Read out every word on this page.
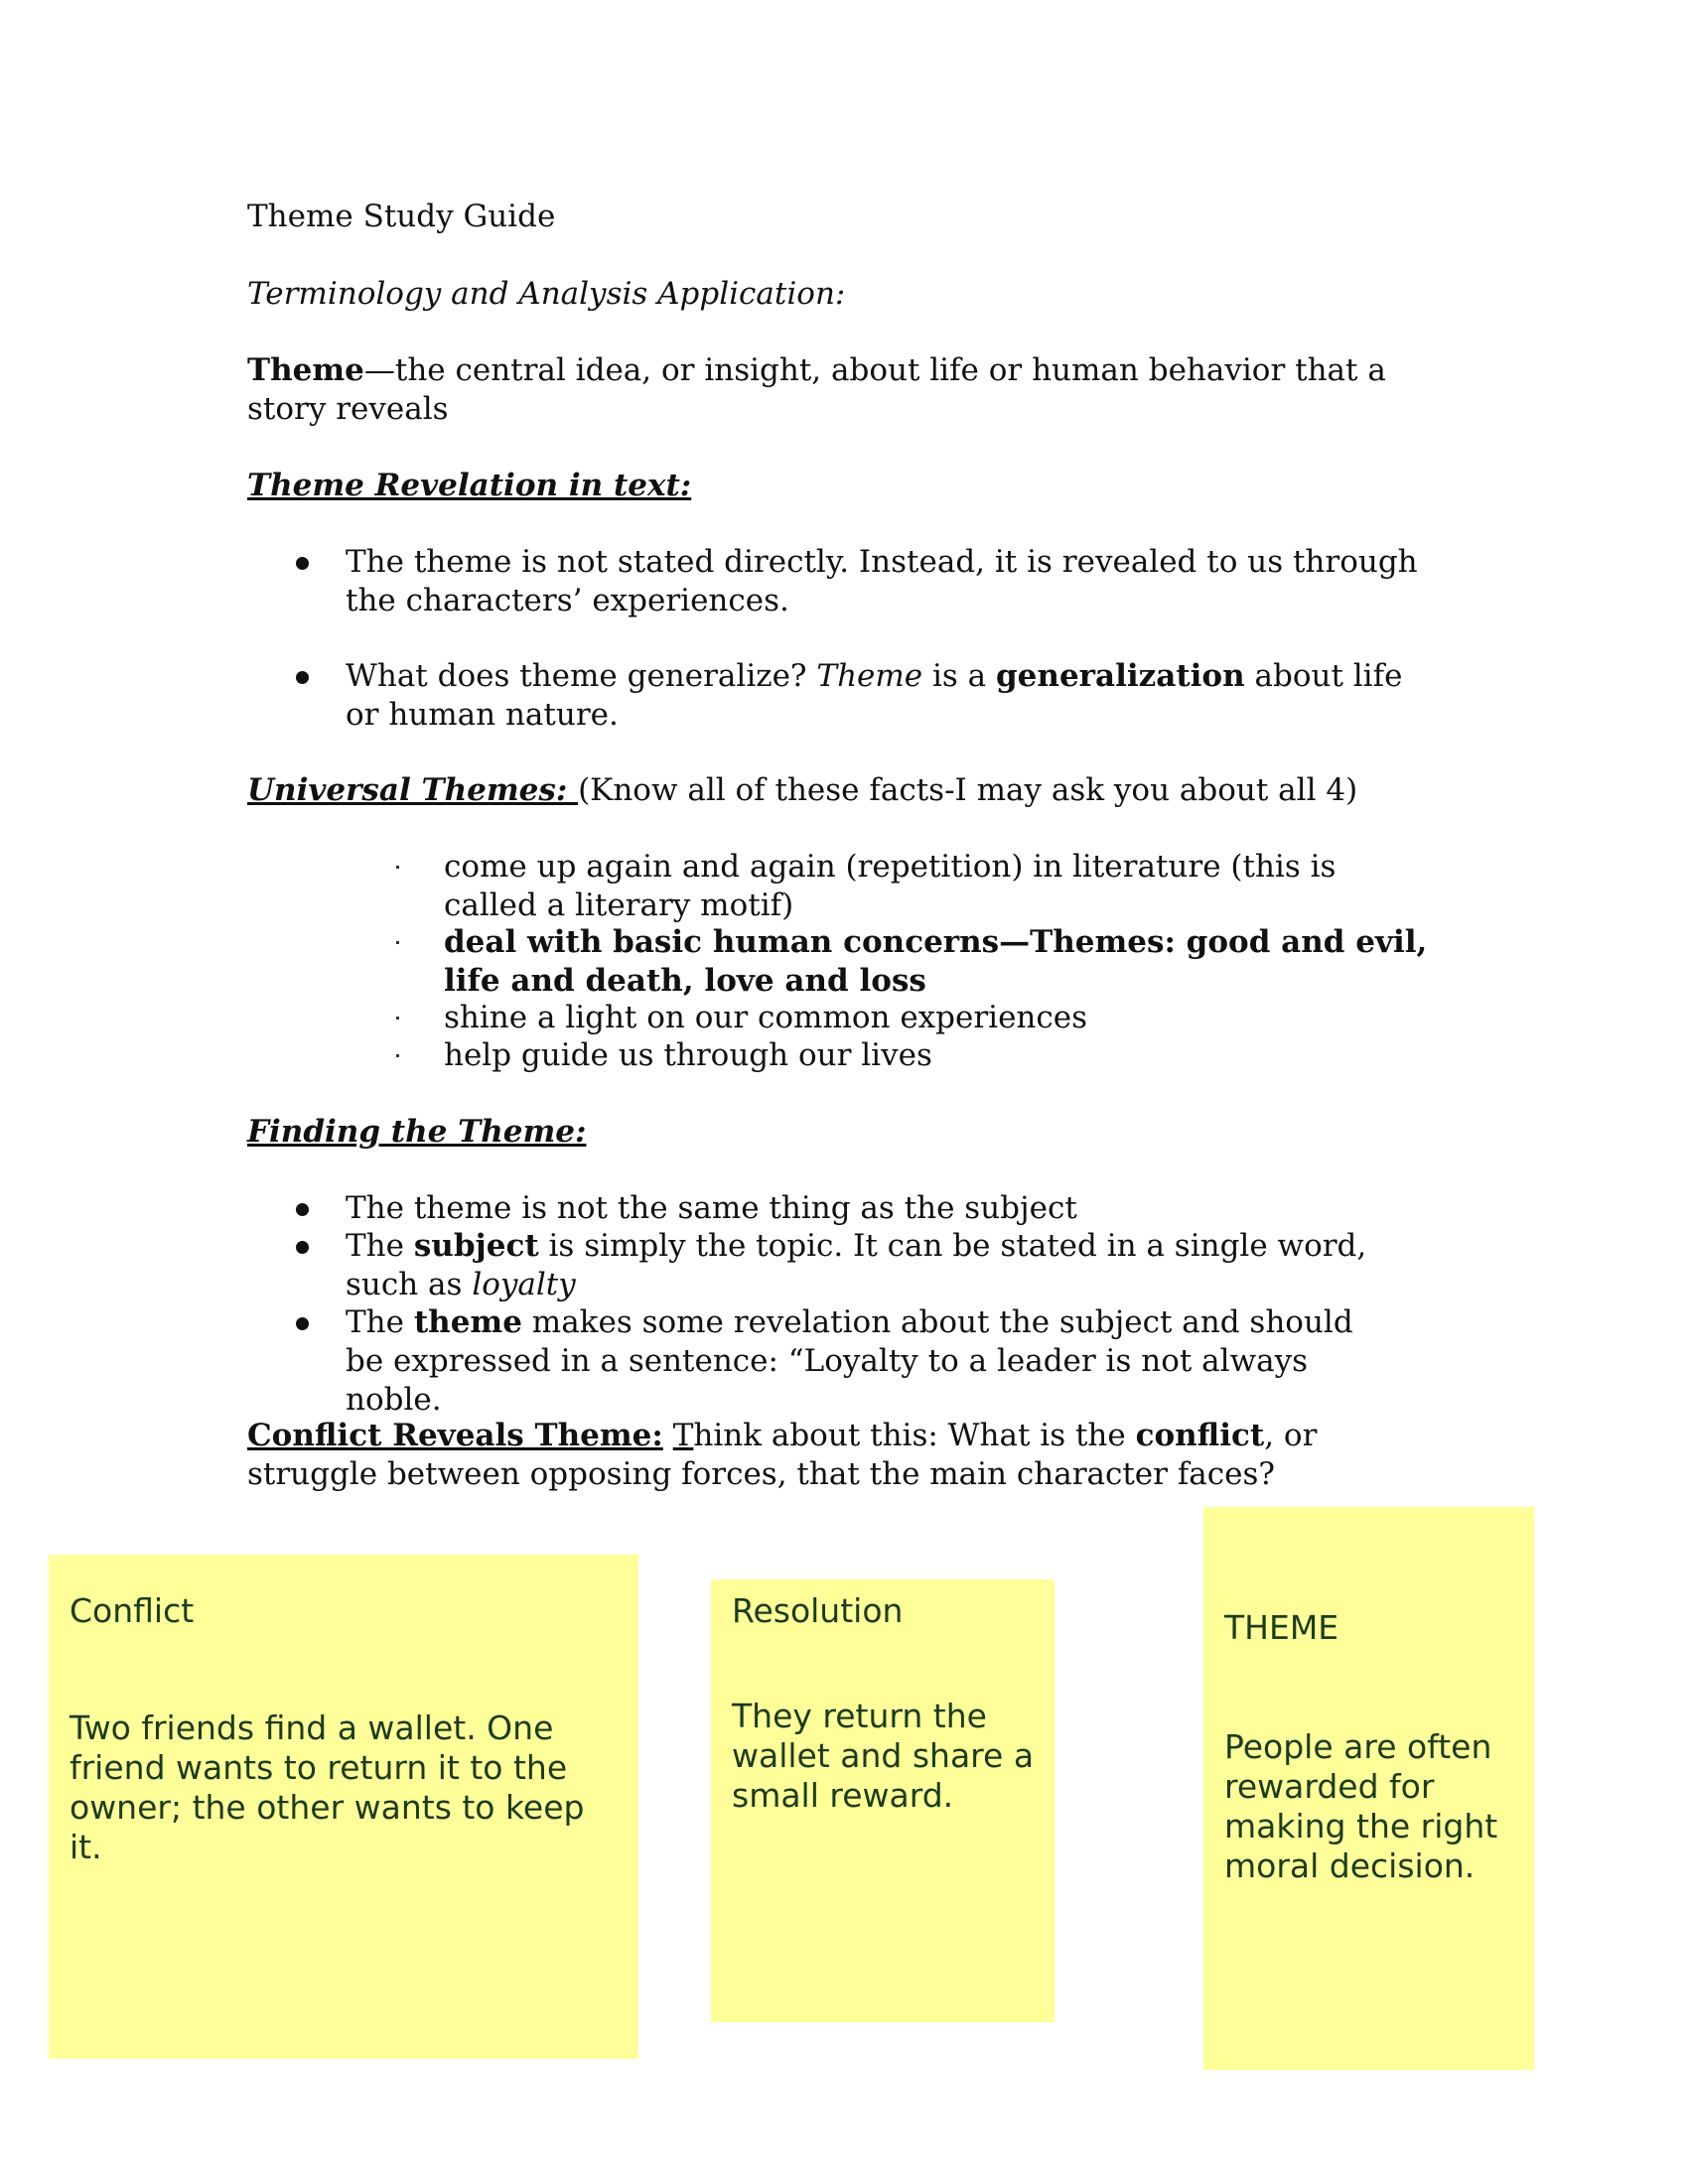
Theme Study Guide
Terminology and Analysis Application:
Theme—the central idea, or insight, about life or human behavior that a story reveals
Theme Revelation in text:
The theme is not stated directly. Instead, it is revealed to us through the characters’ experiences.
What does theme generalize? Theme is a generalization about life or human nature.
Universal Themes: (Know all of these facts-I may ask you about all 4)
come up again and again (repetition) in literature (this is called a literary motif)
deal with basic human concerns—Themes: good and evil, life and death, love and loss
shine a light on our common experiences
help guide us through our lives
Finding the Theme:
The theme is not the same thing as the subject
The subject is simply the topic. It can be stated in a single word, such as loyalty
The theme makes some revelation about the subject and should be expressed in a sentence: “Loyalty to a leader is not always noble.
Conflict Reveals Theme: Think about this: What is the conflict, or struggle between opposing forces, that the main character faces?
Conflict
Two friends find a wallet. One friend wants to return it to the owner; the other wants to keep it.
Resolution
They return the wallet and share a small reward.
THEME
People are often rewarded for making the right moral decision.
